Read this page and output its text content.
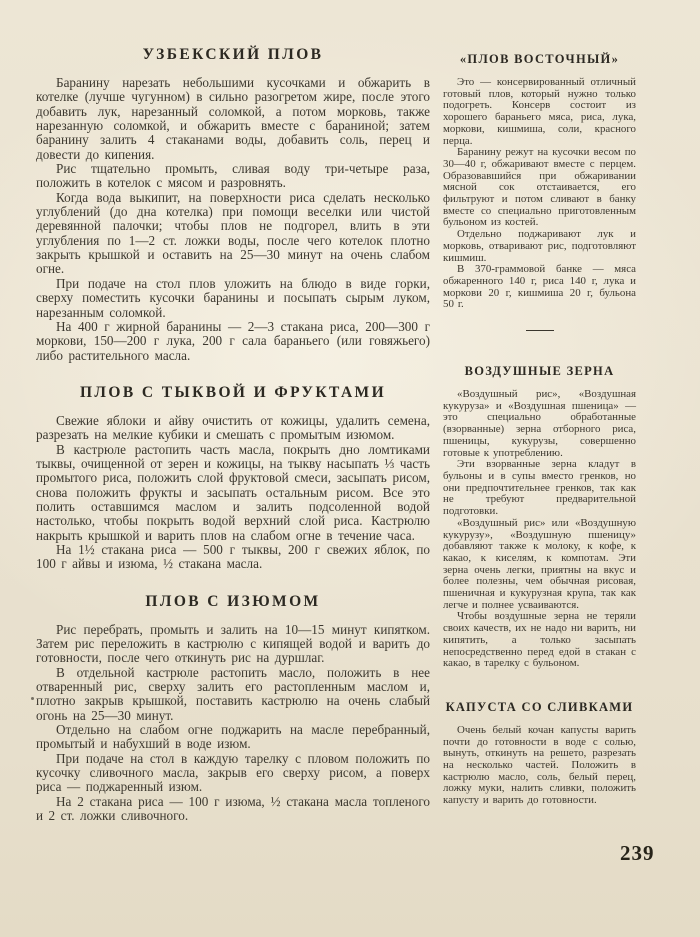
УЗБЕКСКИЙ ПЛОВ

Баранину нарезать небольшими кусочками и обжарить в котелке (лучше чугунном) в сильно разогретом жире, после этого добавить лук, нарезанный соломкой, а потом морковь, также нарезанную соломкой, и обжарить вместе с бараниной; затем баранину залить 4 стаканами воды, добавить соль, перец и довести до кипения.

Рис тщательно промыть, сливая воду три-четыре раза, положить в котелок с мясом и разровнять.

Когда вода выкипит, на поверхности риса сделать несколько углублений (до дна котелка) при помощи веселки или чистой деревянной палочки; чтобы плов не подгорел, влить в эти углубления по 1—2 ст. ложки воды, после чего котелок плотно закрыть крышкой и оставить на 25—30 минут на очень слабом огне.

При подаче на стол плов уложить на блюдо в виде горки, сверху поместить кусочки баранины и посыпать сырым луком, нарезанным соломкой.

На 400 г жирной баранины — 2—3 стакана риса, 200—300 г моркови, 150—200 г лука, 200 г сала бараньего (или говяжьего) либо растительного масла.

ПЛОВ С ТЫКВОЙ И ФРУКТАМИ

Свежие яблоки и айву очистить от кожицы, удалить семена, разрезать на мелкие кубики и смешать с промытым изюмом.

В кастрюле растопить часть масла, покрыть дно ломтиками тыквы, очищенной от зерен и кожицы, на тыкву насыпать ⅓ часть промытого риса, положить слой фруктовой смеси, засыпать рисом, снова положить фрукты и засыпать остальным рисом. Все это полить оставшимся маслом и залить подсоленной водой настолько, чтобы покрыть водой верхний слой риса. Кастрюлю накрыть крышкой и варить плов на слабом огне в течение часа.

На 1½ стакана риса — 500 г тыквы, 200 г свежих яблок, по 100 г айвы и изюма, ½ стакана масла.

ПЛОВ С ИЗЮМОМ

Рис перебрать, промыть и залить на 10—15 минут кипятком. Затем рис переложить в кастрюлю с кипящей водой и варить до готовности, после чего откинуть рис на дуршлаг.

В отдельной кастрюле растопить масло, положить в нее отваренный рис, сверху залить его растопленным маслом и, плотно закрыв крышкой, поставить кастрюлю на очень слабый огонь на 25—30 минут.

Отдельно на слабом огне поджарить на масле перебранный, промытый и набухший в воде изюм.

При подаче на стол в каждую тарелку с пловом положить по кусочку сливочного масла, закрыв его сверху рисом, а поверх риса — поджаренный изюм.

На 2 стакана риса — 100 г изюма, ½ стакана масла топленого и 2 ст. ложки сливочного.

«ПЛОВ ВОСТОЧНЫЙ»

Это — консервированный отличный готовый плов, который нужно только подогреть. Консерв состоит из хорошего бараньего мяса, риса, лука, моркови, кишмиша, соли, красного перца.

Баранину режут на кусочки весом по 30—40 г, обжаривают вместе с перцем. Образовавшийся при обжаривании мясной сок отстаивается, его фильтруют и потом сливают в банку вместе со специально приготовленным бульоном из костей.

Отдельно поджаривают лук и морковь, отваривают рис, подготовляют кишмиш.

В 370-граммовой банке — мяса обжаренного 140 г, риса 140 г, лука и моркови 20 г, кишмиша 20 г, бульона 50 г.

ВОЗДУШНЫЕ ЗЕРНА

«Воздушный рис», «Воздушная кукуруза» и «Воздушная пшеница» — это специально обработанные (взорванные) зерна отборного риса, пшеницы, кукурузы, совершенно готовые к употреблению.

Эти взорванные зерна кладут в бульоны и в супы вместо гренков, но они предпочтительнее гренков, так как не требуют предварительной подготовки.

«Воздушный рис» или «Воздушную кукурузу», «Воздушную пшеницу» добавляют также к молоку, к кофе, к какао, к киселям, к компотам. Эти зерна очень легки, приятны на вкус и более полезны, чем обычная рисовая, пшеничная и кукурузная крупа, так как легче и полнее усваиваются.

Чтобы воздушные зерна не теряли своих качеств, их не надо ни варить, ни кипятить, а только засыпать непосредственно перед едой в стакан с какао, в тарелку с бульоном.

КАПУСТА СО СЛИВКАМИ

Очень белый кочан капусты варить почти до готовности в воде с солью, вынуть, откинуть на решето, разрезать на несколько частей. Положить в кастрюлю масло, соль, белый перец, ложку муки, налить сливки, положить капусту и варить до готовности.

239
